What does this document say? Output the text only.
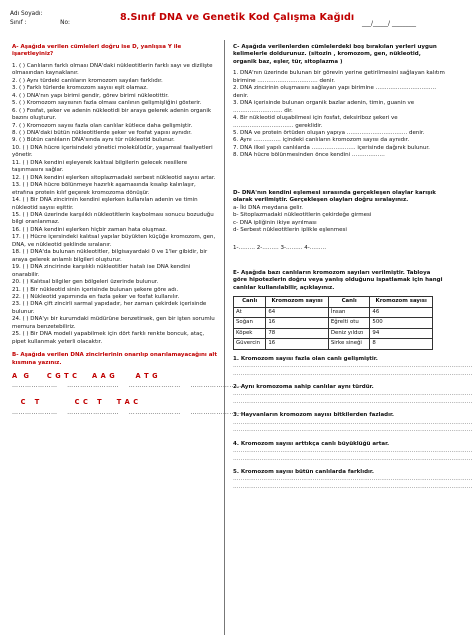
Adı Soyadı:
Sınıf :	No:	8.Sınıf DNA ve Genetik Kod Çalışma Kağıdı
___/_____/ ________
A- Aşağıda verilen cümleleri doğru ise D, yanlışsa Y ile işaretleyiniz?
1. ( ) Canlıların farklı olması DNA'daki nükleotitlerin farklı sayı ve dizilişte olmasından kaynaklanır.
2. ( ) Aynı türdeki canlıların kromozom sayıları farklıdır.
3. ( ) Farklı türlerde kromozom sayısı eşit olamaz.
4. ( ) DNA'nın yapı birimi gendir, görev birimi nükleotittir.
5. ( ) Kromozom sayısının fazla olması canlının gelişmişliğini gösterir.
6. ( ) Fosfat, şeker ve adenin nükleotidi bir araya gelerek adenin organik bazını oluşturur.
7. ( ) Kromozom sayısı fazla olan canlılar kütlece daha gelişmiştir.
8. ( ) DNA'daki bütün nükleotitlerde şeker ve fosfat yapısı aynıdır.
9. ( ) Bütün canlıların DNA'sında aynı tür nükleotid bulunur.
10. ( ) DNA hücre içerisindeki yönetici molekülüdür, yaşamsal faaliyetleri yönetir.
11. ( ) DNA kendini eşleyerek kalıtsal bilgilerin gelecek nesillere taşınmasını sağlar.
12. ( ) DNA kendini eşlerken sitoplazmadaki serbest nükleotid sayısı artar.
13. ( ) DNA hücre bölünmeye hazırlık aşamasında kısalıp kalınlaşır, etrafına protein kılıf geçerek kromozoma dönüşür.
14. ( ) Bir DNA zincirinin kendini eşlerken kullanılan adenin ve timin nükleotid sayısı eşittir.
15. ( ) DNA üzerinde karşılıklı nükleotitlerin kaybolması sonucu bozuduğu bilgi oranlanmaz.
16. ( ) DNA kendini eşlerken hiçbir zaman hata oluşmaz.
17. ( ) Hücre içersindeki kalıtsal yapılar büyükten küçüğe kromozom, gen, DNA, ve nükleotid şeklinde sıralanır.
18. ( ) DNA'da bulunan nükleotitler, bilgisayardaki 0 ve 1'ler gibidir, bir araya gelerek anlamlı bilgileri oluşturur.
19. ( ) DNA zincirinde karşılıklı nükleotitler hatalı ise DNA kendini onarabilir.
20. ( ) Kalıtsal bilgiler gen bölgeleri üzerinde bulunur.
21. ( ) Bir nükleotid sinin içerisinde bulunan şekere göre adı.
22. ( ) Nükleotid yapımında en fazla şeker ve fosfat kullanılır.
23. ( ) DNA çift zincirli sarmal yapıdadır, her zaman çekirdek içerisinde bulunur.
24. ( ) DNA'yı bir kurumdaki müdürüne benzetirsek, gen bir işten sorumlu memura benzetebiliriz.
25. ( ) Bir DNA modeli yapabilmek için dört farklı renkte boncuk, ataç, pipet kullanmak yeterli olacaktır.
B- Aşağıda verilen DNA zincirlerinin onarılıp onarılamayacağını alt kısmına yazınız.
A  G      C G T C     A A G       A T G
…………………    ……………………    ……………………    ……………………
C   T            C C   T     T A C
…………………    ……………………    ……………………    ……………………
C- Aşağıda verilenlerden cümlelerdeki boş bırakılan yerleri uygun kelimelerle doldurunuz. (sitozin , kromozom, gen, nükleotid, organik baz, eşler, tür, sitoplazma )
1. DNA'nın üzerinde bulunan bir görevin yerine getirilmesini sağlayan kalıtım birimine …………………………… denir.
2. DNA zincirinin oluşmasını sağlayan yapı birimine …………………………… denir.
3. DNA içerisinde bulunan organik bazlar adenin, timin, guanin ve ……………………… dir.
4. Bir nükleotid oluşabilmesi için fosfat, deksiriboz şekeri ve …………………………… gereklidir.
5. DNA ve protein örtüden oluşan yapıya …………………………… denir.
6. Aynı …………… içindeki canlıların kromozom sayısı da aynıdır.
7. DNA ilkel yapılı canlılarda …………………… içerisinde dağınık bulunur.
8. DNA hücre bölünmesinden önce kendini ………………
D- DNA'nın kendini eşlemesi sırasında gerçekleşen olaylar karışık olarak verilmiştir. Gerçekleşen olayları doğru sıralayınız.
a- İki DNA meydana gelir.
b- Sitoplazmadaki nükleotitlerin çekirdeğe girmesi
c- DNA ipliğinin ikiye ayrılması
d- Serbest nükleotitlerin iplikle eşlenmesi
1-……… 2-……… 3-……… 4-………
E- Aşağıda bazı canlıların kromozom sayıları verilmiştir. Tabloya göre hipotezlerin doğru veya yanlış olduğunu ispatlamak için hangi canlılar kullanılabilir, açıklayınız.
Canlı	Kromozom sayısı	Canlı	Kromozom sayısı
At	64	İnsan	46
Soğan	16	Eğrelti otu	500
Köpek	78	Deniz yıldızı	94
Güvercin	16	Sirke sineği	8
1. Kromozom sayısı fazla olan canlı gelişmiştir.
………………………………………………………………………………………………………………
………………………………………………………………………………………………………………
2. Aynı kromozoma sahip canlılar aynı türdür.
………………………………………………………………………………………………………………
………………………………………………………………………………………………………………
3. Hayvanların kromozom sayısı bitkilerden fazladır.
………………………………………………………………………………………………………………
………………………………………………………………………………………………………………
4. Kromozom sayısı arttıkça canlı büyüklüğü artar.
………………………………………………………………………………………………………………
………………………………………………………………………………………………………………
5. Kromozom sayısı bütün canlılarda farklıdır.
………………………………………………………………………………………………………………
………………………………………………………………………………………………………………
